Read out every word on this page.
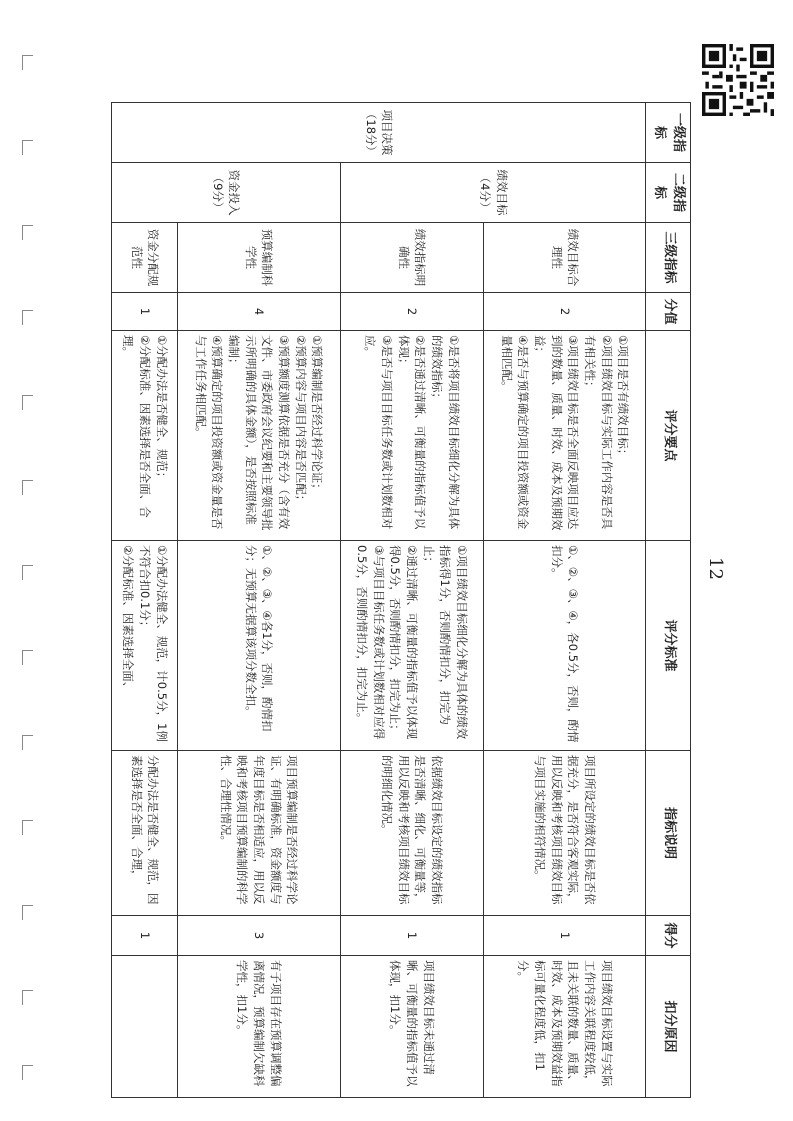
一级指标	二级指标	三级指标	分值	评分要点	评分标准	指标说明	得分	扣分原因
项目决策（18分）	绩效目标（4分）	绩效目标合理性	2	①项目是否有绩效目标；
②项目绩效目标与实际工作内容是否具有相关性；
③项目绩效目标是否全面反映项目应达到的数量、质量、时效、成本及预期效益；
④是否与预算确定的项目投资额或资金量相匹配。	①、②、③、④，各0.5分，否则，酌情扣分。	项目所设定的绩效目标是否依据充分，是否符合客观实际，用以反映和考核项目绩效目标与项目实施的相符情况。	1	项目绩效目标设置与实际工作内容关联程度较低，且未关联的数量、质量、时效、成本及预期效益指标可量化程度低，扣1分。
		绩效指标明确性	2	①是否将项目绩效目标细化分解为具体的绩效指标；
②是否通过清晰、可衡量的指标值予以体现；
③是否与项目目标任务数或计划数相对应。	①项目绩效目标细化分解为具体的绩效指标得1分，否则酌情扣分，扣完为止；
②通过清晰、可衡量的指标值予以体现得0.5分，否则酌情扣分，扣完为止；
③与项目目标任务数或计划数相对应得0.5分，否则酌情扣分，扣完为止。	依据绩效目标设定的绩效指标是否清晰、细化、可衡量等，用以反映和考核项目绩效目标的明细化情况。	1	项目绩效目标未通过清晰、可衡量的指标值予以体现，扣1分。
	资金投入（9分）	预算编制科学性	4	①预算编制是否经过科学论证；
②预算内容与项目内容是否匹配；
③预算额度测算依据是否充分（含有效文件、市委政府会议纪要和主要领导批示所明确的具体金额），是否按照标准编制；
④预算确定的项目投资额或资金量是否与工作任务相匹配。	①、②、③、④各1分，否则，酌情扣分；无预算无据算该项分数全扣。	项目预算编制是否经过科学论证、有明确标准，资金额度与年度目标是否相适应，用以反映和考核项目预算编制的科学性、合理性情况。	3	有子项目存在预算调整偏离情况，预算编制欠缺科学性，扣1分。
		资金分配规范性	1	①分配办法是否健全、规范；
②分配标准、因素选择是否全面、合理。	①分配办法健全、规范，计0.5分，1例不符合扣0.1分；
②分配标准、因素选择全面、	分配办法是否健全、规范，因素选择是否全面、合理，	1	
12
